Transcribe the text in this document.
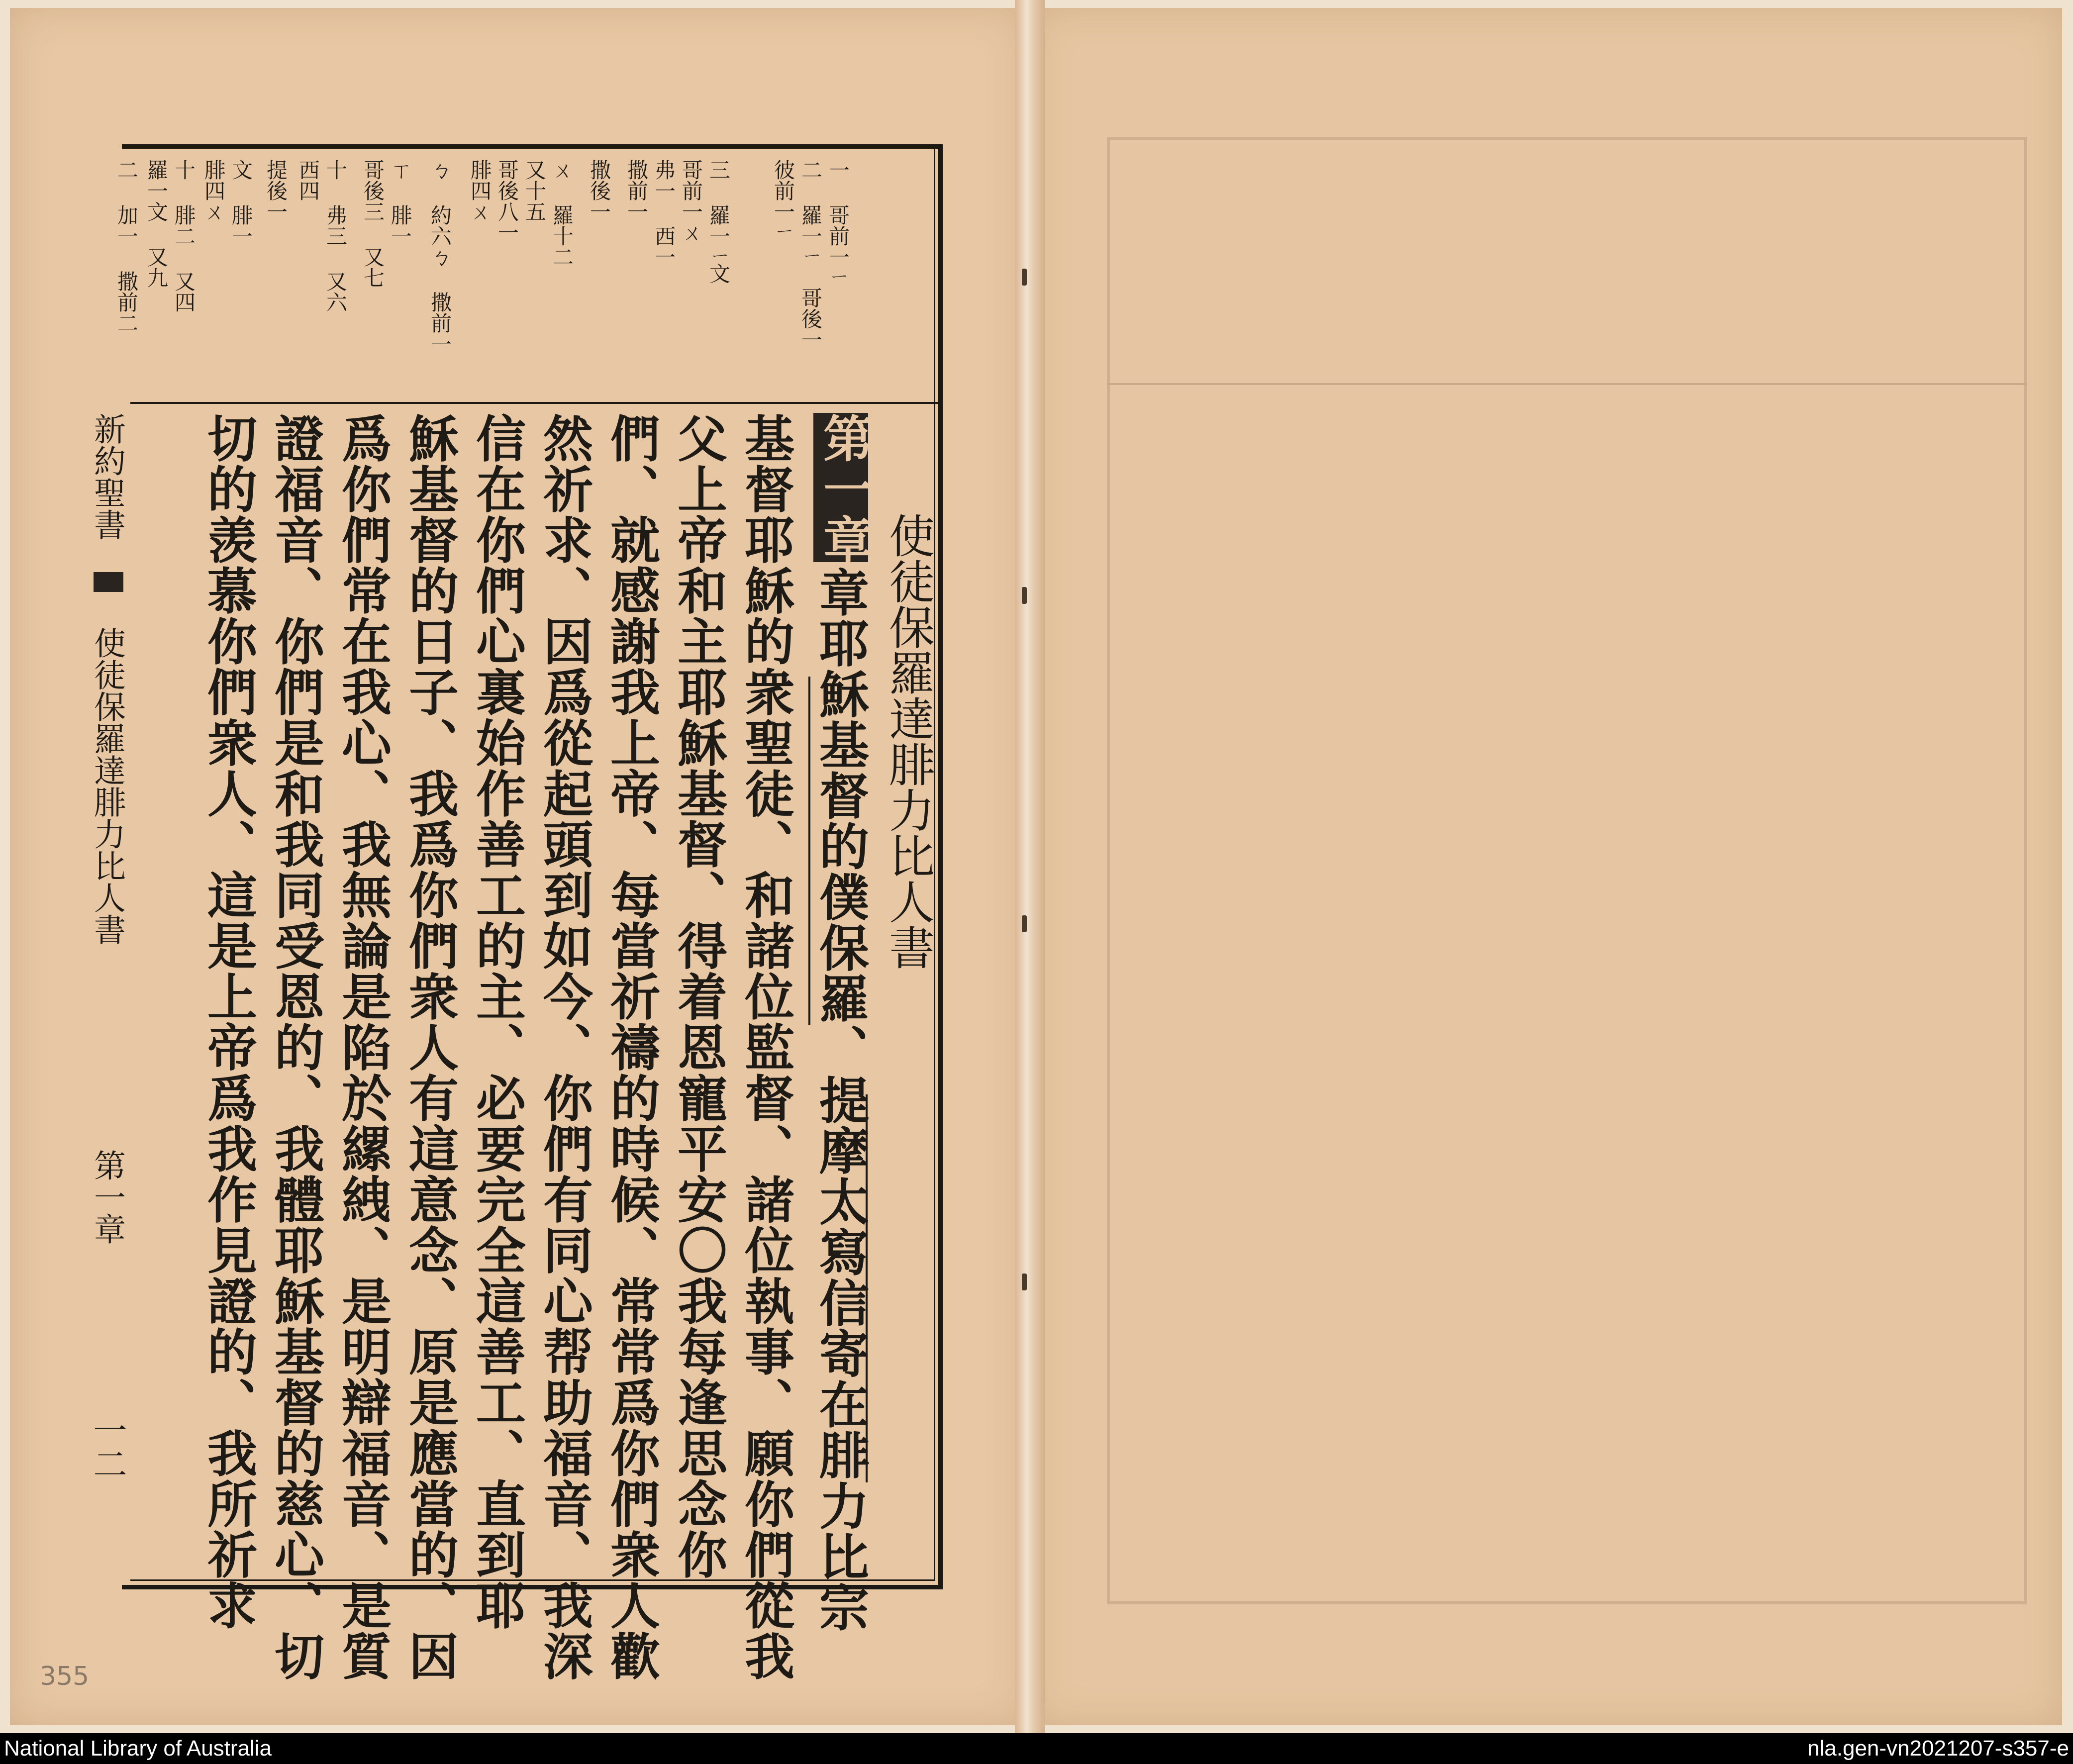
一 哥前一ㄧ
二 羅一ㄧ 哥後一
彼前一ㄧ
三 羅一ㄧ文
哥前一ㄨ
弗一 西一
撒前一
撒後一
ㄨ 羅十二
又十五
哥後八一
腓四ㄨ
ㄅ 約六ㄅ 撒前一
ㄒ 腓一
哥後三 又七
十 弗三 又六
西四
提後一
文 腓一
腓四ㄨ
十 腓二 又四
羅一文 又九
二 加一 撒前二
使徒保羅達腓力比人書
第一章
章耶穌基督的僕保羅、提摩太寫信寄在腓力比宗
基督耶穌的衆聖徒、和諸位監督、諸位執事、願你們從我
父上帝和主耶穌基督、得着恩寵平安〇我每逢思念你
們、就感謝我上帝、每當祈禱的時候、常常爲你們衆人歡
然祈求、因爲從起頭到如今、你們有同心帮助福音、我深
信在你們心裏始作善工的主、必要完全這善工、直到耶
穌基督的日子、我爲你們衆人有這意念、原是應當的、因
爲你們常在我心、我無論是陷於縲絏、是明辯福音、是質
證福音、你們是和我同受恩的、我體耶穌基督的慈心、切
切的羡慕你們衆人、這是上帝爲我作見證的、我所祈求
新約聖書
使徒保羅達腓力比人書
第一章
一二
355
National Library of Australia	nla.gen-vn2021207-s357-e
